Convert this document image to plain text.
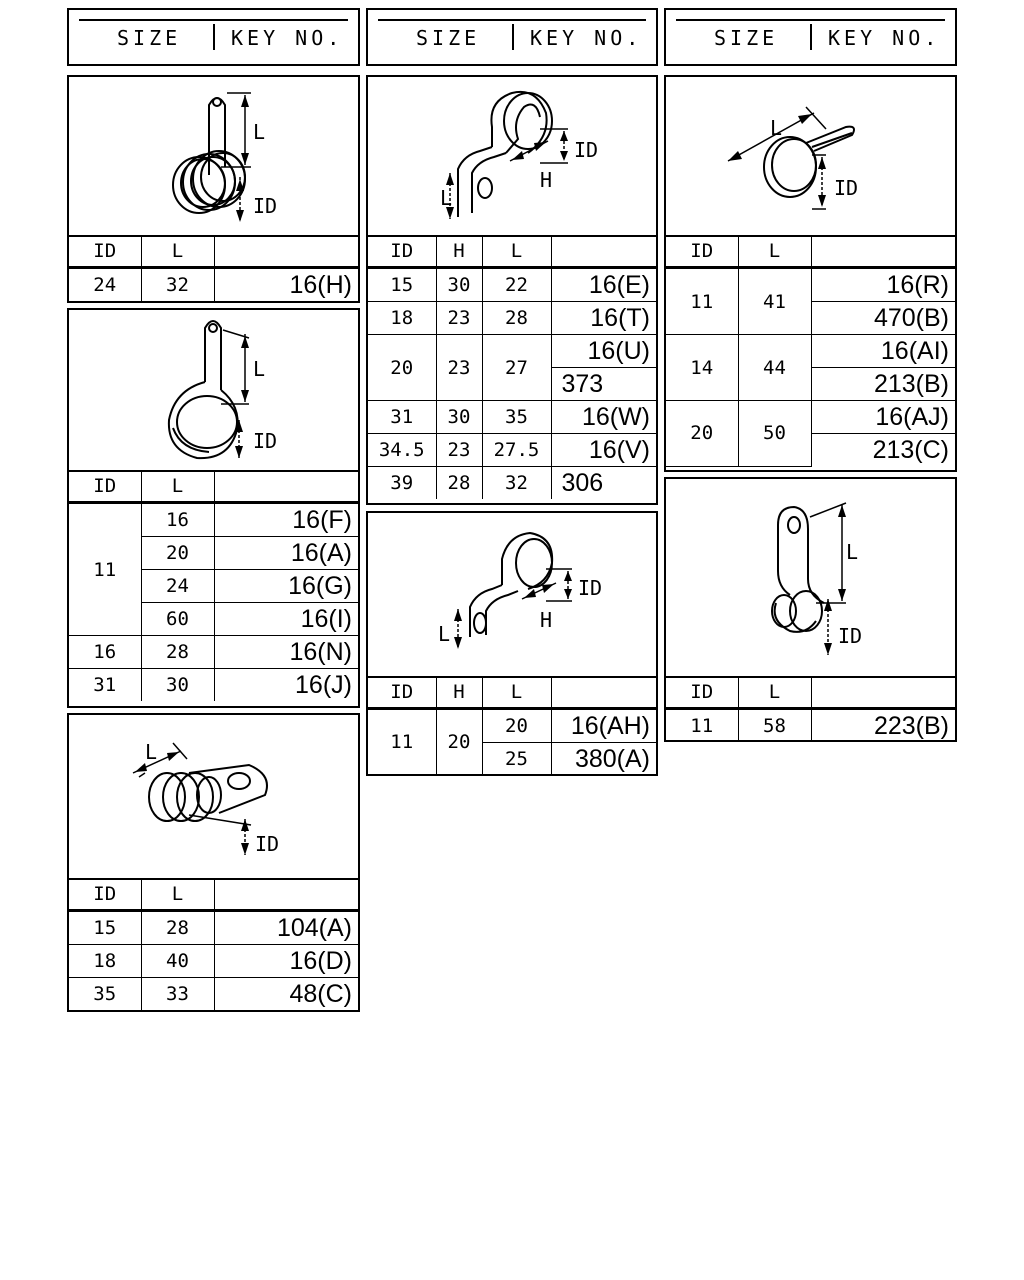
SIZE KEY NO.	SIZE KEY NO.	SIZE KEY NO.
L
ID
ID	L	
24	32	16(H)
L
ID
ID	L	
11	16	16(F)
	20	16(A)
	24	16(G)
	60	16(I)
16	28	16(N)
31	30	16(J)
L
ID
ID	L	
15	28	104(A)
18	40	16(D)
35	33	48(C)
L
H
ID
ID	H	L	
15	30	22	16(E)
18	23	28	16(T)
20	23	27	16(U)
			373
31	30	35	16(W)
34.5	23	27.5	16(V)
39	28	32	306
L
H
ID
ID	H	L	
11	20	20	16(AH)
		25	380(A)
L
ID
ID	L	
11	41	16(R)
		470(B)
14	44	16(AI)
		213(B)
20	50	16(AJ)
		213(C)
L
ID
ID	L	
11	58	223(B)
